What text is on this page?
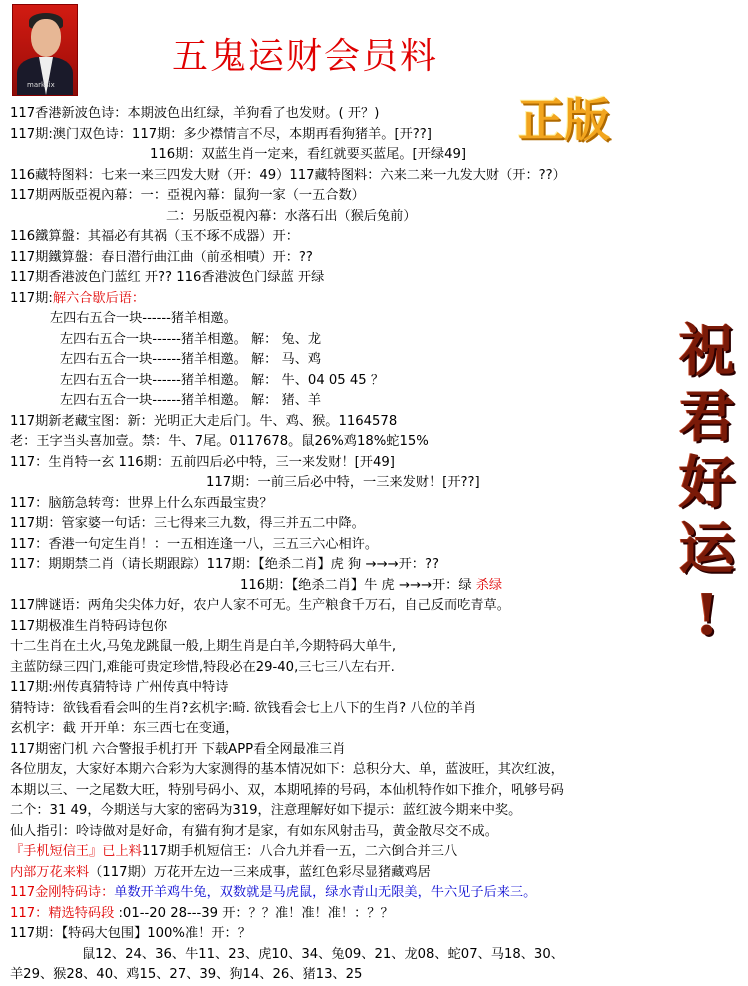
marksix
五鬼运财会员料
正版
祝
君
好
运
!
117香港新波色诗：本期波色出红绿，羊狗看了也发财。( 开？)
117期:澳门双色诗：117期：多少襟情言不尽，本期再看狗猪羊。[开??]
116期：双蓝生肖一定来，看红就要买蓝尾。[开绿49]
116藏特图料：七来一来三四发大财（开：49）117藏特图料：六来二来一九发大财（开：??）
117期两版亞視內幕：一：亞視內幕：鼠狗一家（一五合数）
二：另版亞視內幕：水落石出（猴后兔前）
116鐵算盤：其福必有其祸（玉不琢不成器）开：
117期鐵算盤：春日潜行曲江曲（前丞相嘖）开：??
117期香港波色门蓝红 开?? 116香港波色门绿蓝 开绿
117期:解六合歇后语：
左四右五合一块------猪羊相邀。
左四右五合一块------猪羊相邀。 解： 兔、龙
左四右五合一块------猪羊相邀。 解： 马、鸡
左四右五合一块------猪羊相邀。 解： 牛、04 05 45 ？
左四右五合一块------猪羊相邀。 解： 猪、羊
117期新老藏宝图：新：光明正大走后门。牛、鸡、猴。1164578
老：王字当头喜加壹。禁：牛、7尾。0117678。鼠26%鸡18%蛇15%
117：生肖特一玄 116期：五前四后必中特，三一来发财！[开49]
117期：一前三后必中特，一三来发财！[开??]
117：脑筋急转弯：世界上什么东西最宝贵？
117期：管家婆一句话：三七得来三九数，得三并五二中降。
117：香港一句定生肖！：一五相连逢一八，三五三六心相许。
117：期期禁二肖（请长期跟踪）117期：【绝杀二肖】虎 狗 →→→开：??
116期：【绝杀二肖】牛 虎 →→→开：绿 杀绿
117牌谜语：两角尖尖体力好，农户人家不可无。生产粮食千万石，自己反而吃青草。
117期极准生肖特码诗包你
十二生肖在土火,马兔龙跳鼠一般,上期生肖是白羊,今期特码大单牛,
主蓝防绿三四门,难能可贵定珍惜,特段必在29-40,三七三八左右开.
117期:州传真猜特诗 广州传真中特诗
猜特诗：欲钱看看会叫的生肖?玄机字:畸. 欲钱看会七上八下的生肖? 八位的羊肖
玄机字：截 开开单：东三西七在变通，
117期密门机 六合警报手机打开 下载APP看全网最准三肖
各位朋友，大家好本期六合彩为大家测得的基本情况如下：总积分大、单，蓝波旺，其次红波，
本期以三、一之尾数大旺，特别号码小、双，本期吼捧的号码，本仙机特作如下推介，吼够号码
二个：31 49，今期送与大家的密码为319，注意理解好如下提示：蓝红波今期来中奖。
仙人指引：呤诗做对是好命，有猫有狗才是家，有如东风射击马，黄金散尽交不成。
『手机短信王』已上料117期手机短信王：八合九并看一五，二六倒合并三八
内部万花来料（117期）万花开左边一三来成事，蓝红色彩尽显猪藏鸡居
117金刚特码诗：单数开羊鸡牛兔，双数就是马虎鼠，绿水青山无限美，牛六见子后来三。
117：精选特码段 :01--20 28---39 开：？？准！准！准！：？？
117期：【特码大包围】100%准！开：？
鼠12、24、36、牛11、23、虎10、34、兔09、21、龙08、蛇07、马18、30、
羊29、猴28、40、鸡15、27、39、狗14、26、猪13、25
